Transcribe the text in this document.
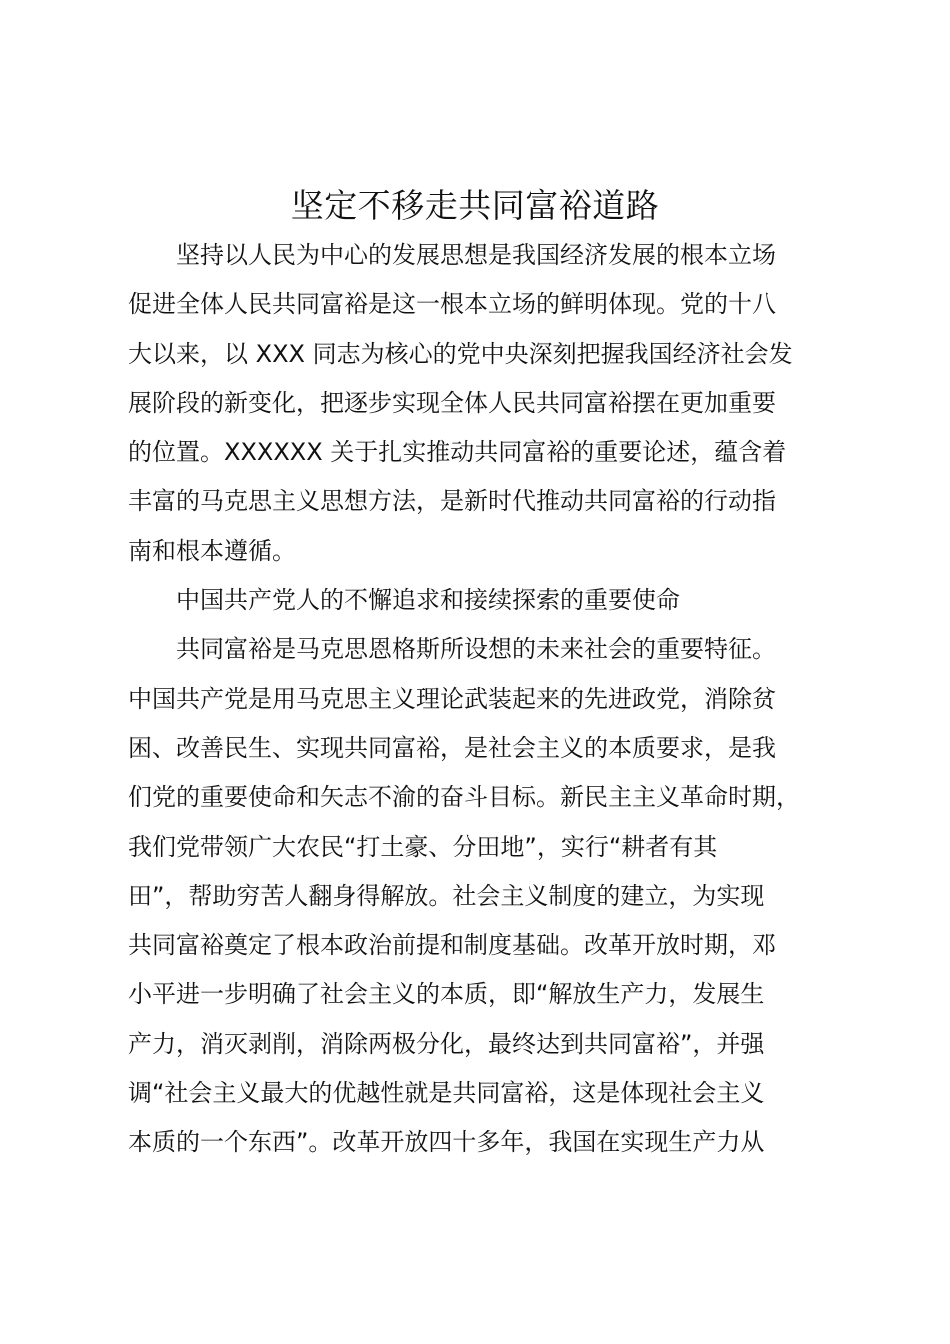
坚定不移走共同富裕道路

坚持以人民为中心的发展思想是我国经济发展的根本立场
促进全体人民共同富裕是这一根本立场的鲜明体现。党的十八
大以来，以 XXX 同志为核心的党中央深刻把握我国经济社会发
展阶段的新变化，把逐步实现全体人民共同富裕摆在更加重要
的位置。XXXXXX 关于扎实推动共同富裕的重要论述，蕴含着
丰富的马克思主义思想方法，是新时代推动共同富裕的行动指
南和根本遵循。

中国共产党人的不懈追求和接续探索的重要使命

共同富裕是马克思恩格斯所设想的未来社会的重要特征。
中国共产党是用马克思主义理论武装起来的先进政党，消除贫
困、改善民生、实现共同富裕，是社会主义的本质要求，是我
们党的重要使命和矢志不渝的奋斗目标。新民主主义革命时期，
我们党带领广大农民“打土豪、分田地”，实行“耕者有其
田”，帮助穷苦人翻身得解放。社会主义制度的建立，为实现
共同富裕奠定了根本政治前提和制度基础。改革开放时期，邓
小平进一步明确了社会主义的本质，即“解放生产力，发展生
产力，消灭剥削，消除两极分化，最终达到共同富裕”，并强
调“社会主义最大的优越性就是共同富裕，这是体现社会主义
本质的一个东西”。改革开放四十多年，我国在实现生产力从
